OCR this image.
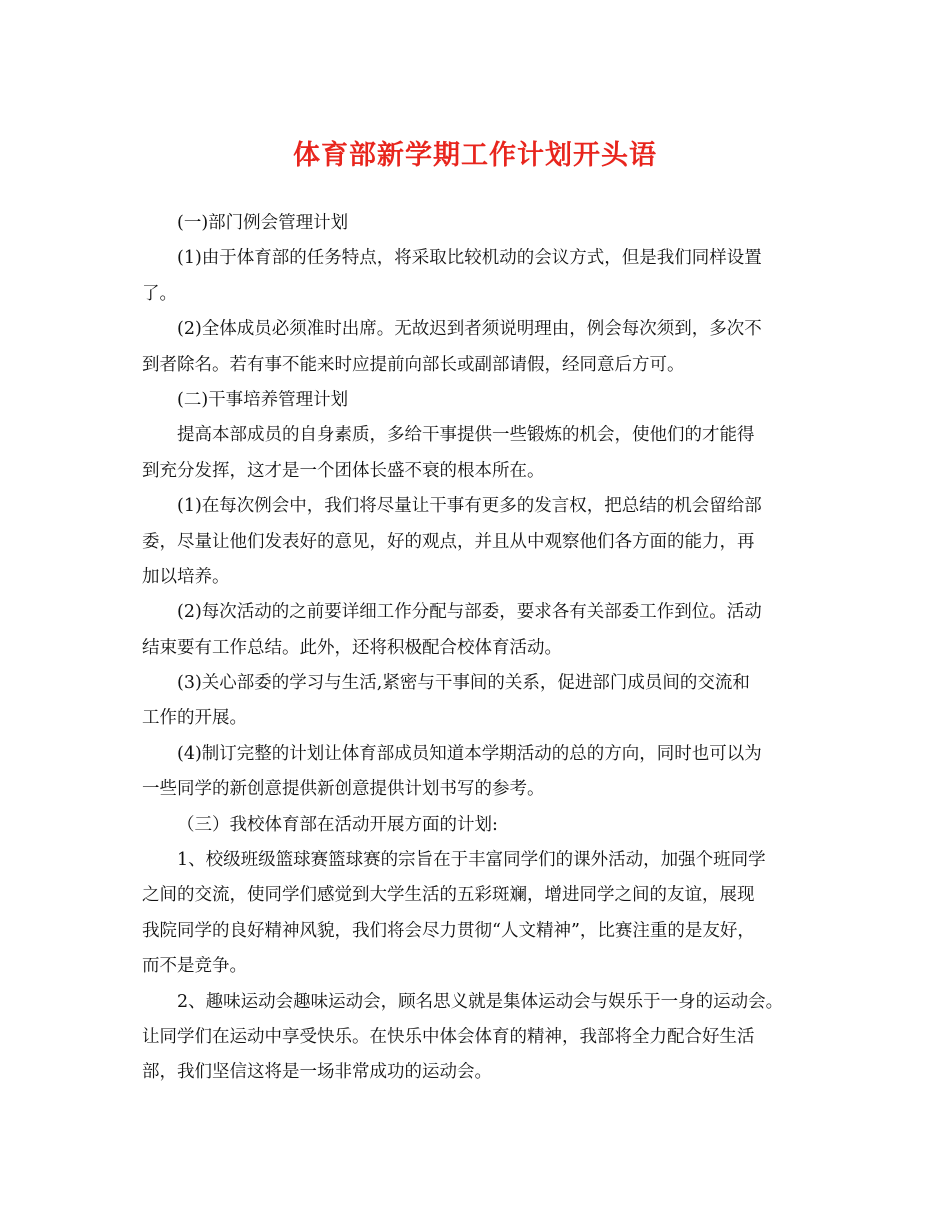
体育部新学期工作计划开头语

(一)部门例会管理计划

(1)由于体育部的任务特点，将采取比较机动的会议方式，但是我们同样设置
了。

(2)全体成员必须准时出席。无故迟到者须说明理由，例会每次须到，多次不
到者除名。若有事不能来时应提前向部长或副部请假，经同意后方可。

(二)干事培养管理计划

提高本部成员的自身素质，多给干事提供一些锻炼的机会，使他们的才能得
到充分发挥，这才是一个团体长盛不衰的根本所在。

(1)在每次例会中，我们将尽量让干事有更多的发言权，把总结的机会留给部
委，尽量让他们发表好的意见，好的观点，并且从中观察他们各方面的能力，再
加以培养。

(2)每次活动的之前要详细工作分配与部委，要求各有关部委工作到位。活动
结束要有工作总结。此外，还将积极配合校体育活动。

(3)关心部委的学习与生活,紧密与干事间的关系，促进部门成员间的交流和
工作的开展。

(4)制订完整的计划让体育部成员知道本学期活动的总的方向，同时也可以为
一些同学的新创意提供新创意提供计划书写的参考。

（三）我校体育部在活动开展方面的计划:

1、校级班级篮球赛篮球赛的宗旨在于丰富同学们的课外活动，加强个班同学
之间的交流，使同学们感觉到大学生活的五彩斑斓，增进同学之间的友谊，展现
我院同学的良好精神风貌，我们将会尽力贯彻“人文精神”，比赛注重的是友好，
而不是竞争。

2、趣味运动会趣味运动会，顾名思义就是集体运动会与娱乐于一身的运动会。
让同学们在运动中享受快乐。在快乐中体会体育的精神，我部将全力配合好生活
部，我们坚信这将是一场非常成功的运动会。
